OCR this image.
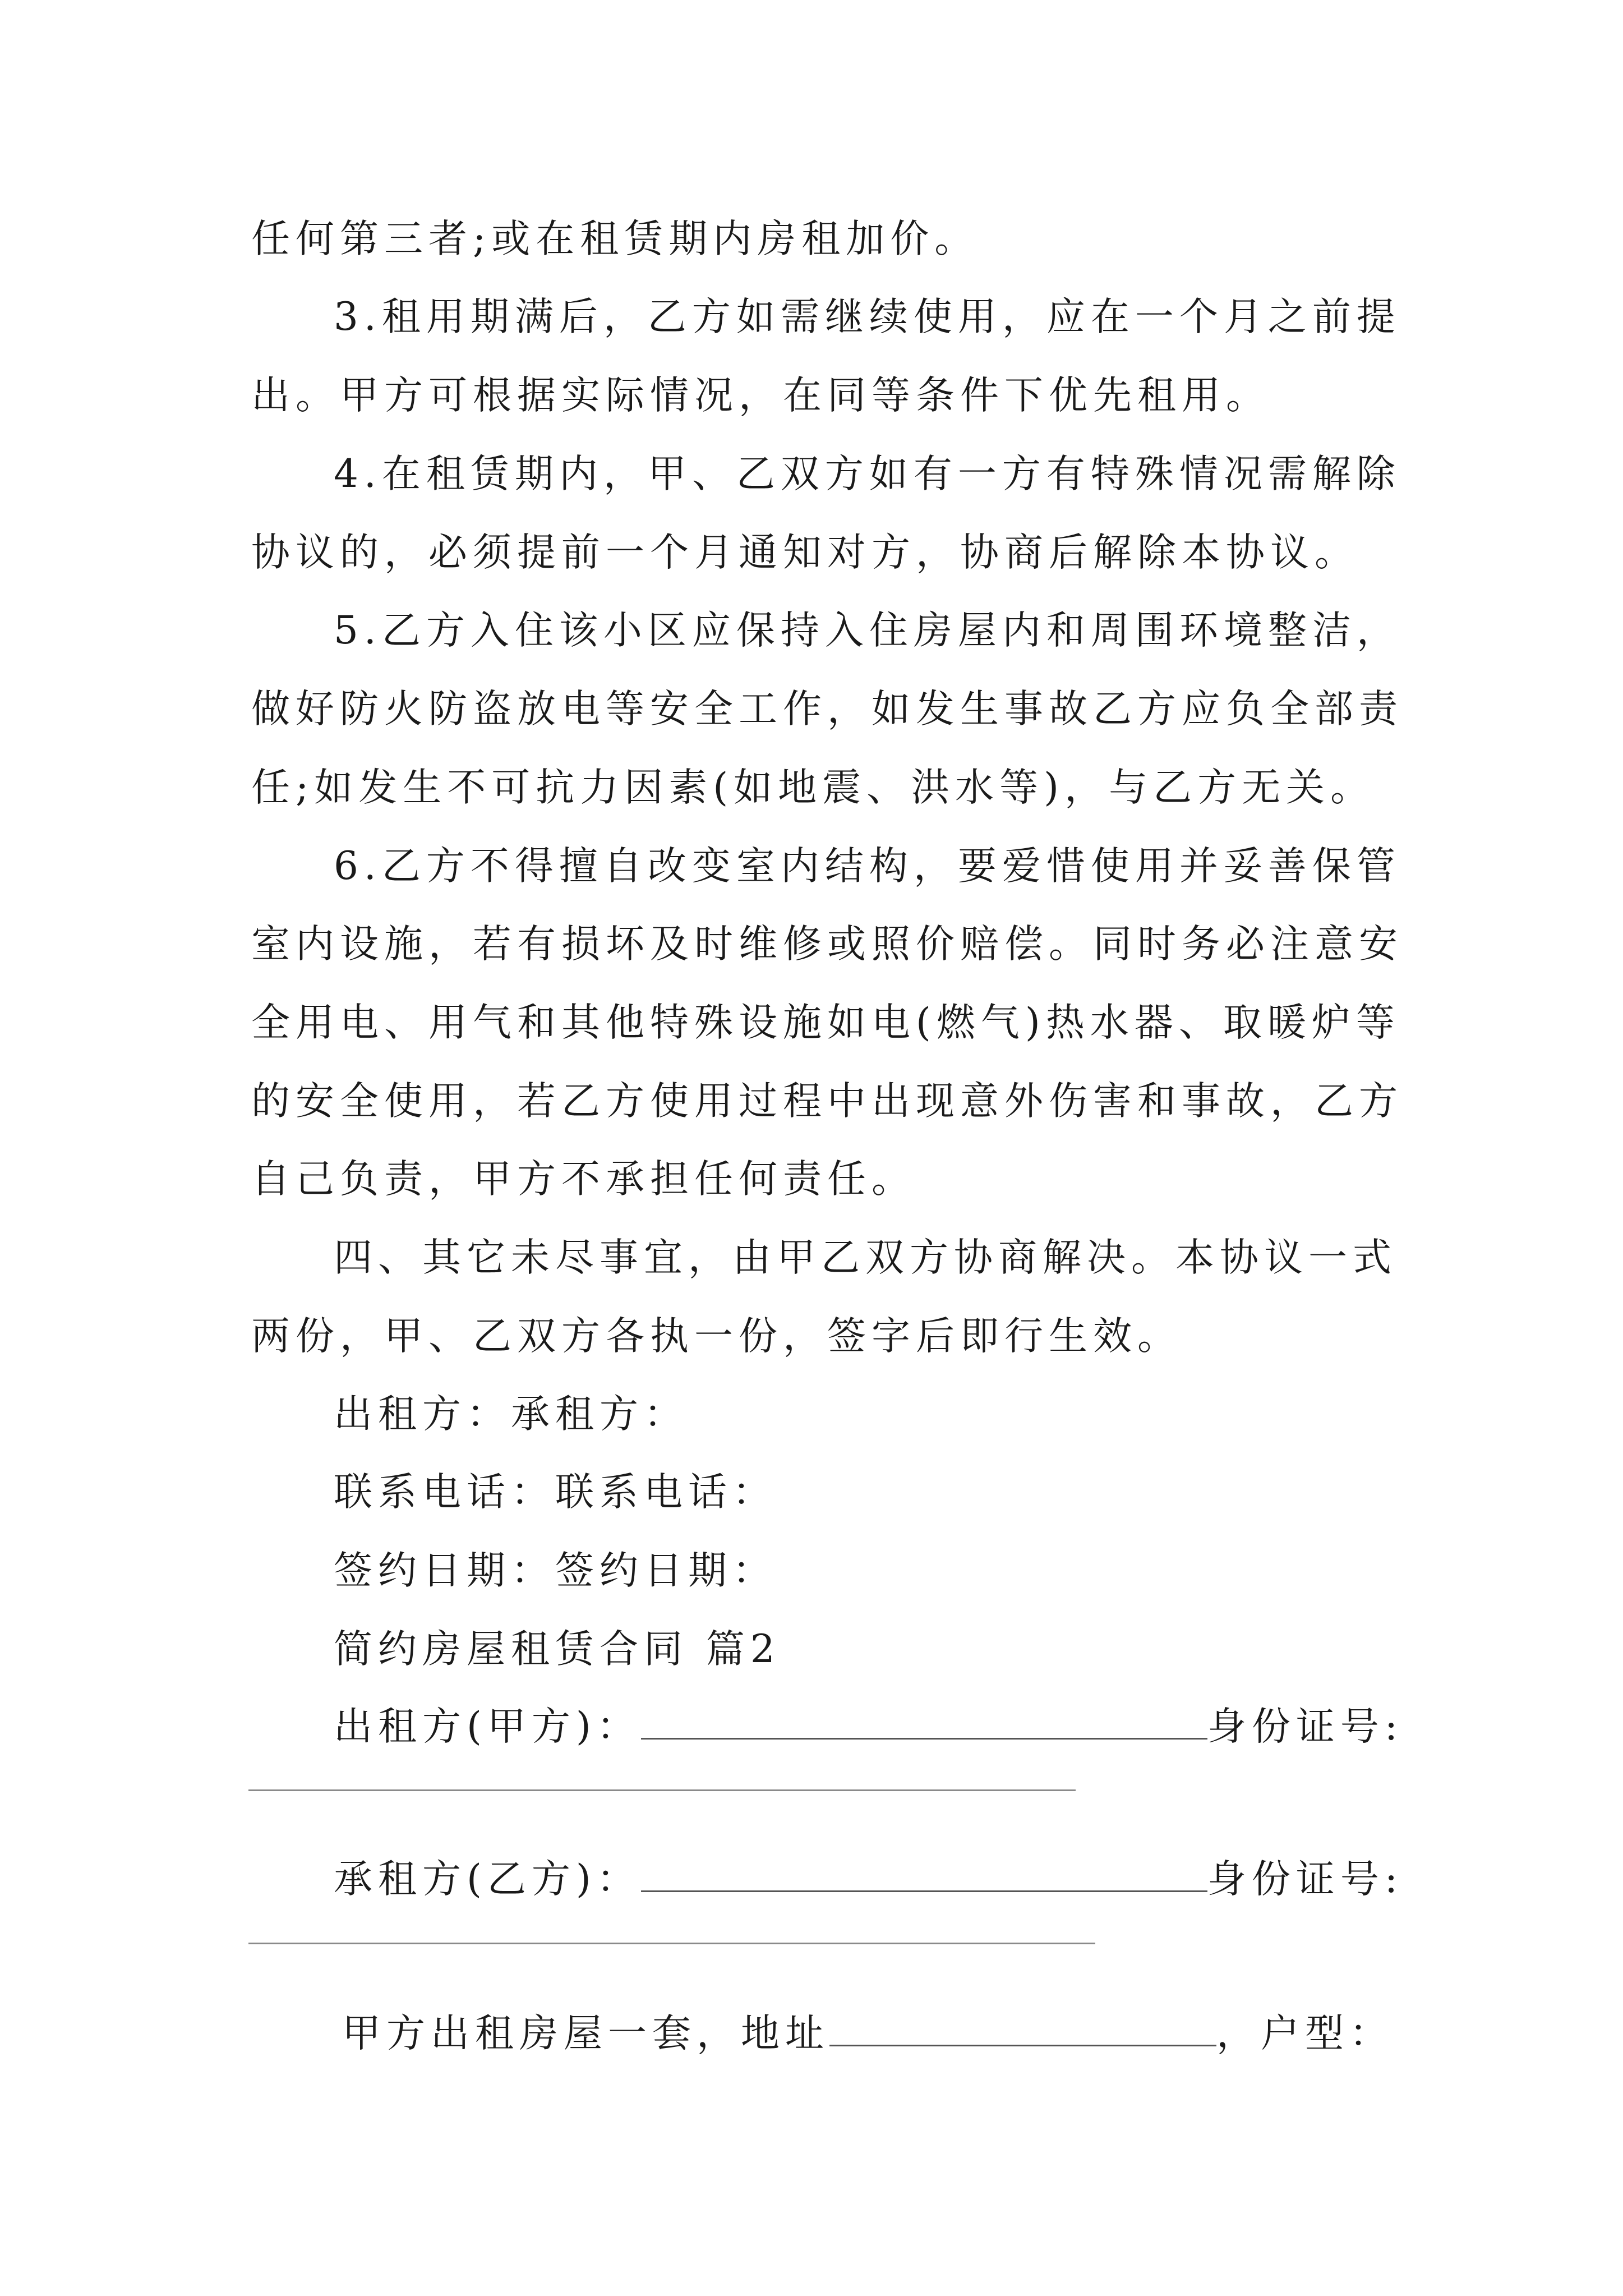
任何第三者;或在租赁期内房租加价。
3.租用期满后，乙方如需继续使用，应在一个月之前提
出。甲方可根据实际情况，在同等条件下优先租用。
4.在租赁期内，甲、乙双方如有一方有特殊情况需解除
协议的，必须提前一个月通知对方，协商后解除本协议。
5.乙方入住该小区应保持入住房屋内和周围环境整洁，
做好防火防盗放电等安全工作，如发生事故乙方应负全部责
任;如发生不可抗力因素(如地震、洪水等)，与乙方无关。
6.乙方不得擅自改变室内结构，要爱惜使用并妥善保管
室内设施，若有损坏及时维修或照价赔偿。同时务必注意安
全用电、用气和其他特殊设施如电(燃气)热水器、取暖炉等
的安全使用，若乙方使用过程中出现意外伤害和事故，乙方
自己负责，甲方不承担任何责任。
四、其它未尽事宜，由甲乙双方协商解决。本协议一式
两份，甲、乙双方各执一份，签字后即行生效。
出租方：承租方：
联系电话：联系电话：
签约日期：签约日期：
简约房屋租赁合同 篇2
出租方(甲方)：	身份证号:
承租方(乙方)：	身份证号:
甲方出租房屋一套，地址	，户型：
